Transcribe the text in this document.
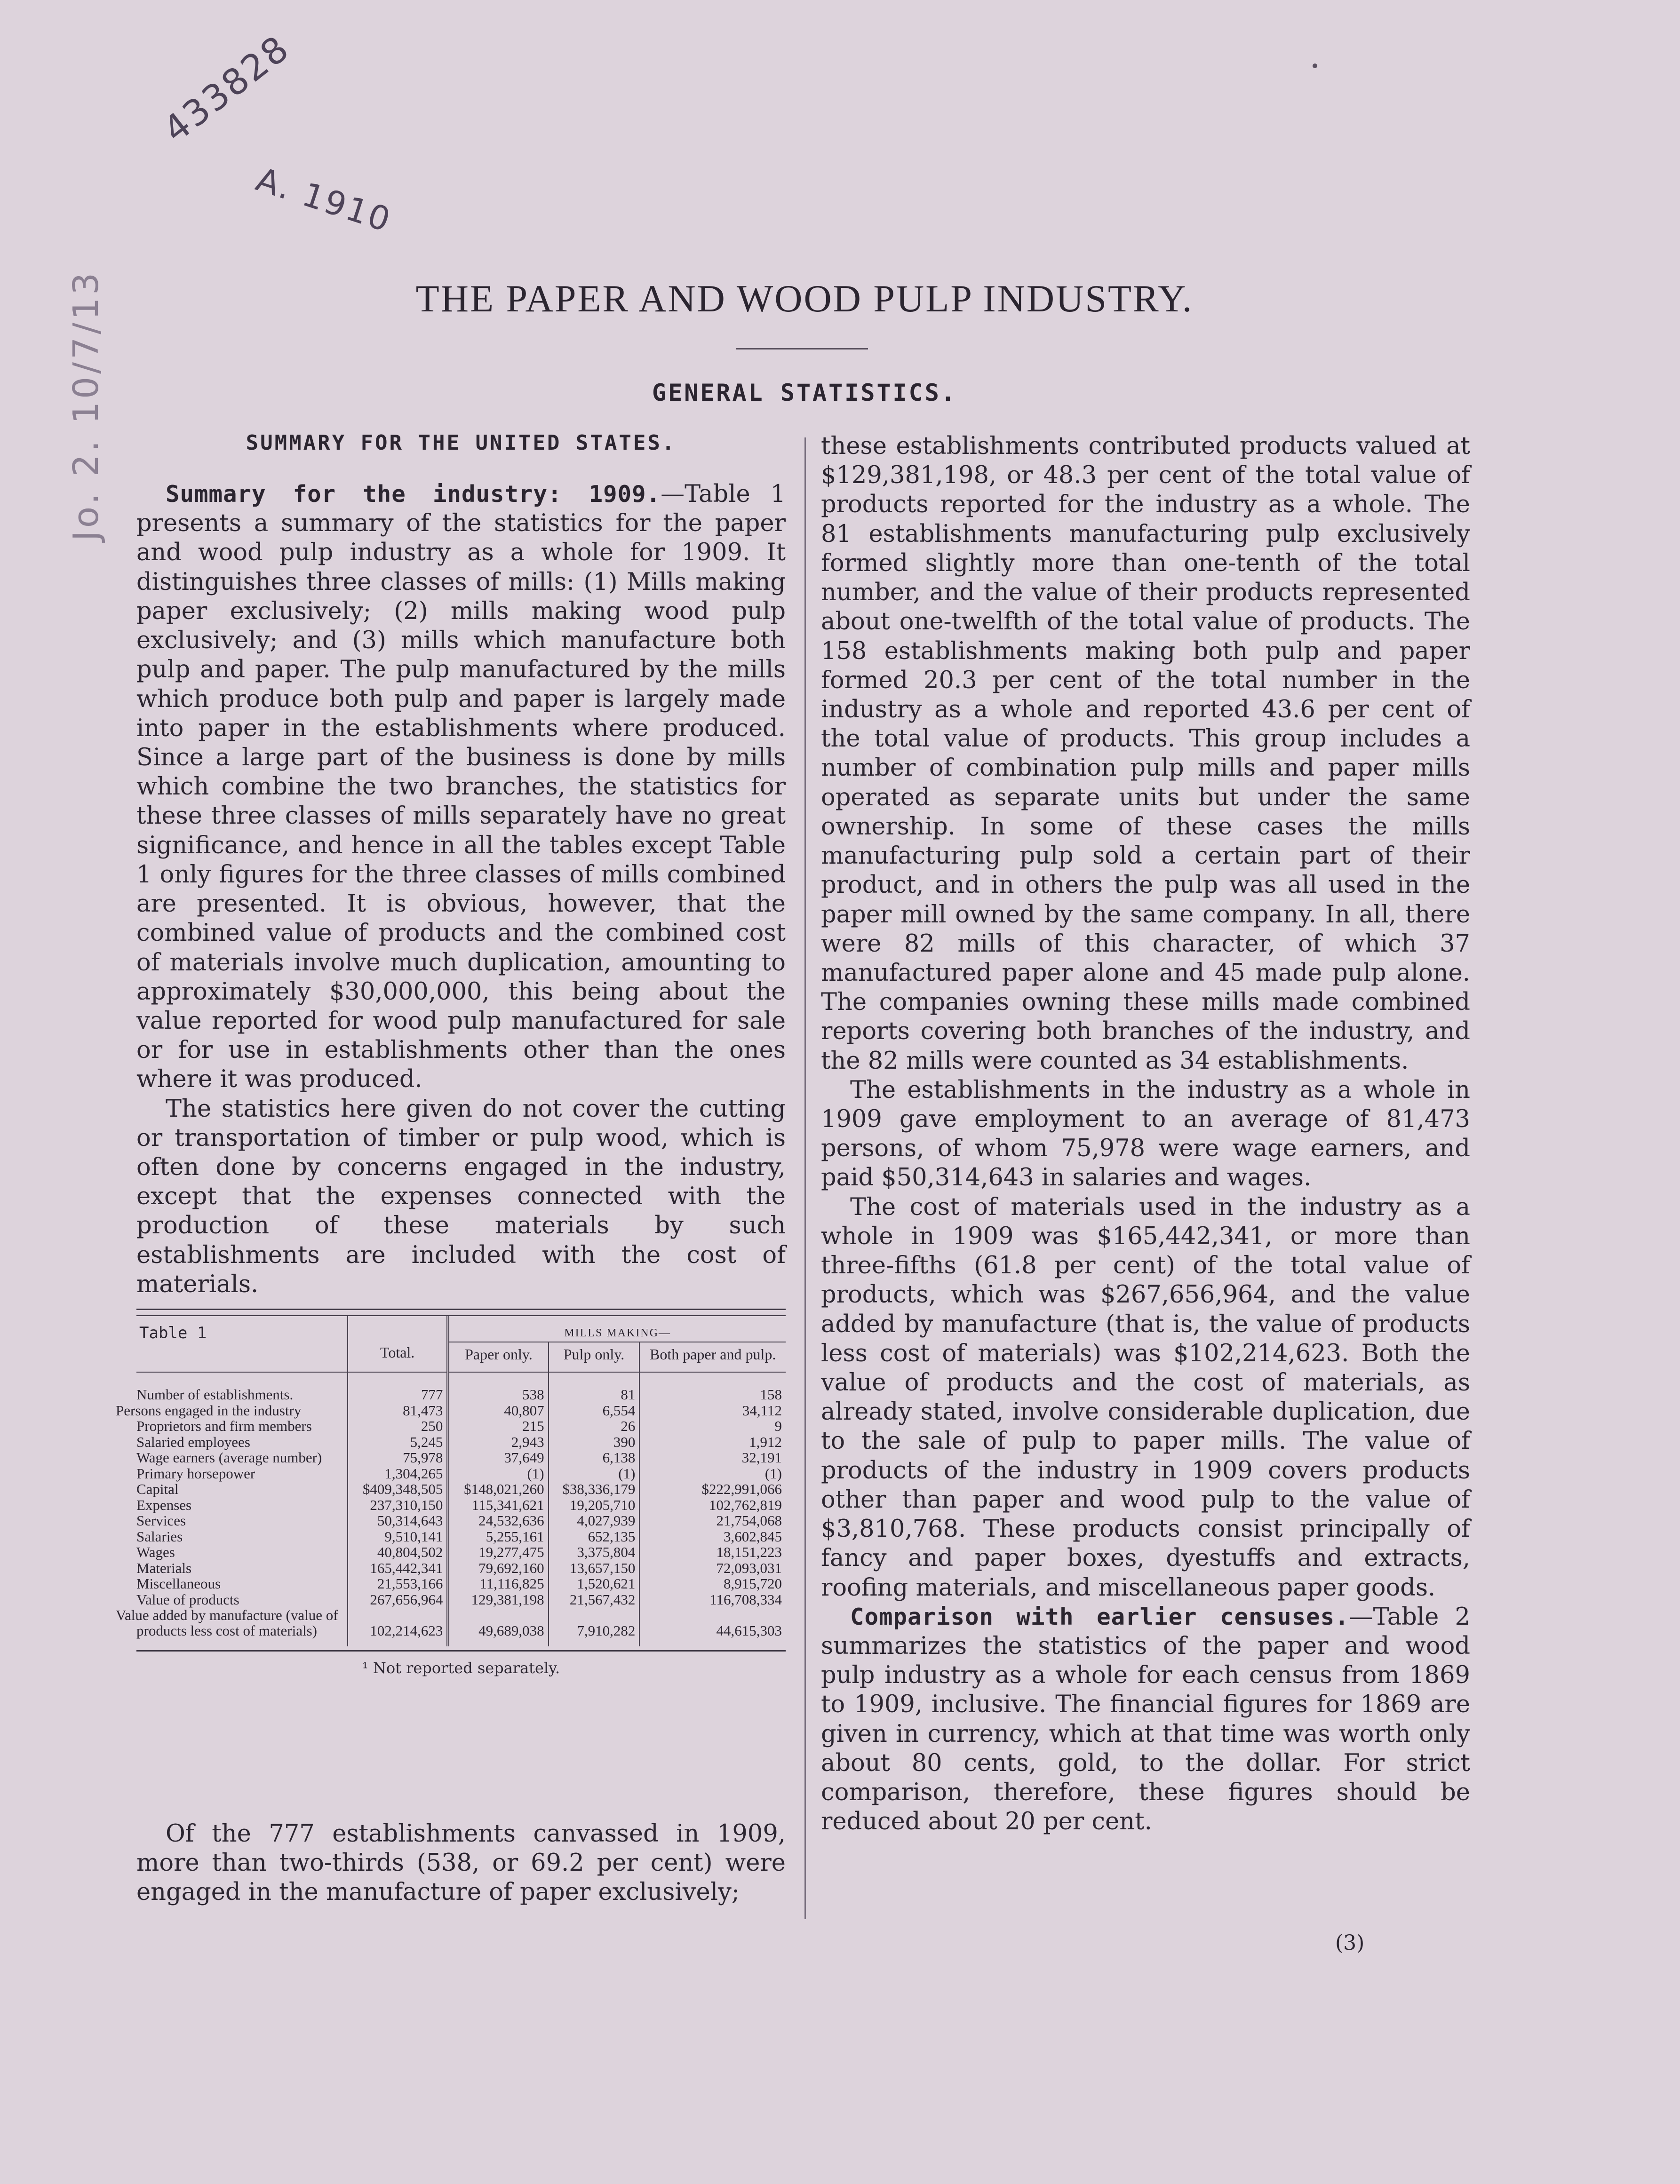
433828
A. 1910
Jo. 2. 10/7/13	THE PAPER AND WOOD PULP INDUSTRY.
GENERAL STATISTICS.
SUMMARY FOR THE UNITED STATES.

Summary for the industry: 1909.—Table 1 presents a summary of the statistics for the paper and wood pulp industry as a whole for 1909. It distinguishes three classes of mills: (1) Mills making paper exclusively; (2) mills making wood pulp exclusively; and (3) mills which manufacture both pulp and paper. The pulp manufactured by the mills which produce both pulp and paper is largely made into paper in the establishments where produced. Since a large part of the business is done by mills which combine the two branches, the statistics for these three classes of mills separately have no great significance, and hence in all the tables except Table 1 only figures for the three classes of mills combined are presented. It is obvious, however, that the combined value of products and the combined cost of materials involve much duplication, amounting to approximately $30,000,000, this being about the value reported for wood pulp manufactured for sale or for use in establishments other than the ones where it was produced.

The statistics here given do not cover the cutting or transportation of timber or pulp wood, which is often done by concerns engaged in the industry, except that the expenses connected with the production of these materials by such establishments are included with the cost of materials.

Table 1	Total.	MILLS MAKING—		
		Paper only.	Pulp only.	Both paper and pulp.
Number of establishments.	777	538	81	158
Persons engaged in the industry	81,473	40,807	6,554	34,112
Proprietors and firm members	250	215	26	9
Salaried employees	5,245	2,943	390	1,912
Wage earners (average number)	75,978	37,649	6,138	32,191
Primary horsepower	1,304,265	(1)	(1)	(1)
Capital	$409,348,505	$148,021,260	$38,336,179	$222,991,066
Expenses	237,310,150	115,341,621	19,205,710	102,762,819
Services	50,314,643	24,532,636	4,027,939	21,754,068
Salaries	9,510,141	5,255,161	652,135	3,602,845
Wages	40,804,502	19,277,475	3,375,804	18,151,223
Materials	165,442,341	79,692,160	13,657,150	72,093,031
Miscellaneous	21,553,166	11,116,825	1,520,621	8,915,720
Value of products	267,656,964	129,381,198	21,567,432	116,708,334
Value added by manufacture (value of products less cost of materials)	102,214,623	49,689,038	7,910,282	44,615,303
¹ Not reported separately.

Of the 777 establishments canvassed in 1909, more than two-thirds (538, or 69.2 per cent) were engaged in the manufacture of paper exclusively;

these establishments contributed products valued at $129,381,198, or 48.3 per cent of the total value of products reported for the industry as a whole. The 81 establishments manufacturing pulp exclusively formed slightly more than one-tenth of the total number, and the value of their products represented about one-twelfth of the total value of products. The 158 establishments making both pulp and paper formed 20.3 per cent of the total number in the industry as a whole and reported 43.6 per cent of the total value of products. This group includes a number of combination pulp mills and paper mills operated as separate units but under the same ownership. In some of these cases the mills manufacturing pulp sold a certain part of their product, and in others the pulp was all used in the paper mill owned by the same company. In all, there were 82 mills of this character, of which 37 manufactured paper alone and 45 made pulp alone. The companies owning these mills made combined reports covering both branches of the industry, and the 82 mills were counted as 34 establishments.

The establishments in the industry as a whole in 1909 gave employment to an average of 81,473 persons, of whom 75,978 were wage earners, and paid $50,314,643 in salaries and wages.

The cost of materials used in the industry as a whole in 1909 was $165,442,341, or more than three-fifths (61.8 per cent) of the total value of products, which was $267,656,964, and the value added by manufacture (that is, the value of products less cost of materials) was $102,214,623. Both the value of products and the cost of materials, as already stated, involve considerable duplication, due to the sale of pulp to paper mills. The value of products of the industry in 1909 covers products other than paper and wood pulp to the value of $3,810,768. These products consist principally of fancy and paper boxes, dyestuffs and extracts, roofing materials, and miscellaneous paper goods.

Comparison with earlier censuses.—Table 2 summarizes the statistics of the paper and wood pulp industry as a whole for each census from 1869 to 1909, inclusive. The financial figures for 1869 are given in currency, which at that time was worth only about 80 cents, gold, to the dollar. For strict comparison, therefore, these figures should be reduced about 20 per cent.

(3)
